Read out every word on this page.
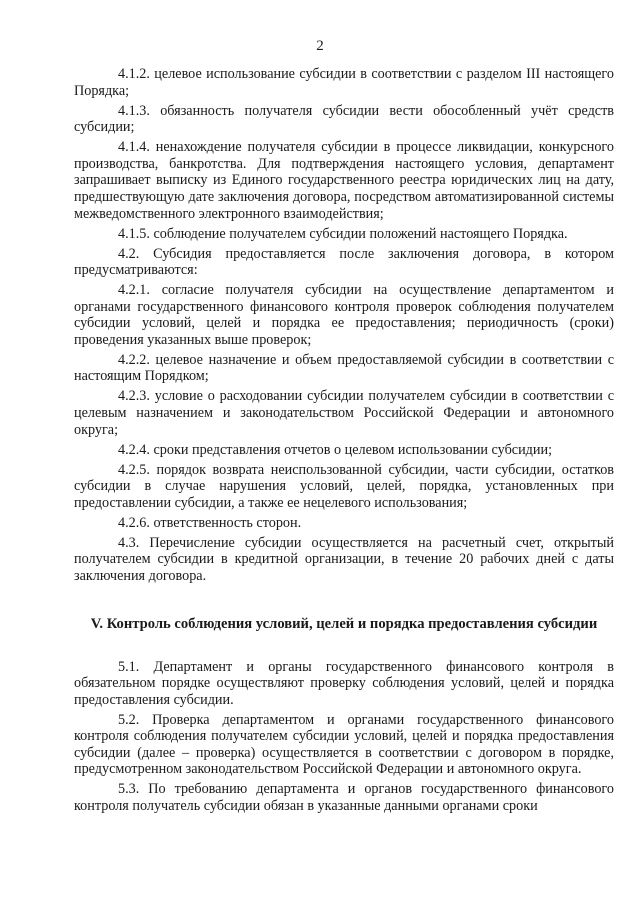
2

4.1.2. целевое использование субсидии в соответствии с разделом III настоящего Порядка;

4.1.3. обязанность получателя субсидии вести обособленный учёт средств субсидии;

4.1.4. ненахождение получателя субсидии в процессе ликвидации, конкурсного производства, банкротства. Для подтверждения настоящего условия, департамент запрашивает выписку из Единого государственного реестра юридических лиц на дату, предшествующую дате заключения договора, посредством автоматизированной системы межведомственного электронного взаимодействия;

4.1.5. соблюдение получателем субсидии положений настоящего Порядка.

4.2. Субсидия предоставляется после заключения договора, в котором предусматриваются:

4.2.1. согласие получателя субсидии на осуществление департаментом и органами государственного финансового контроля проверок соблюдения получателем субсидии условий, целей и порядка ее предоставления; периодичность (сроки) проведения указанных выше проверок;

4.2.2. целевое назначение и объем предоставляемой субсидии в соответствии с настоящим Порядком;

4.2.3. условие о расходовании субсидии получателем субсидии в соответствии с целевым назначением и законодательством Российской Федерации и автономного округа;

4.2.4. сроки представления отчетов о целевом использовании субсидии;

4.2.5. порядок возврата неиспользованной субсидии, части субсидии, остатков субсидии в случае нарушения условий, целей, порядка, установленных при предоставлении субсидии, а также ее нецелевого использования;

4.2.6. ответственность сторон.

4.3. Перечисление субсидии осуществляется на расчетный счет, открытый получателем субсидии в кредитной организации, в течение 20 рабочих дней с даты заключения договора.

V. Контроль соблюдения условий, целей и порядка предоставления субсидии

5.1. Департамент и органы государственного финансового контроля в обязательном порядке осуществляют проверку соблюдения условий, целей и порядка предоставления субсидии.

5.2. Проверка департаментом и органами государственного финансового контроля соблюдения получателем субсидии условий, целей и порядка предоставления субсидии (далее – проверка) осуществляется в соответствии с договором в порядке, предусмотренном законодательством Российской Федерации и автономного округа.

5.3. По требованию департамента и органов государственного финансового контроля получатель субсидии обязан в указанные данными органами сроки
